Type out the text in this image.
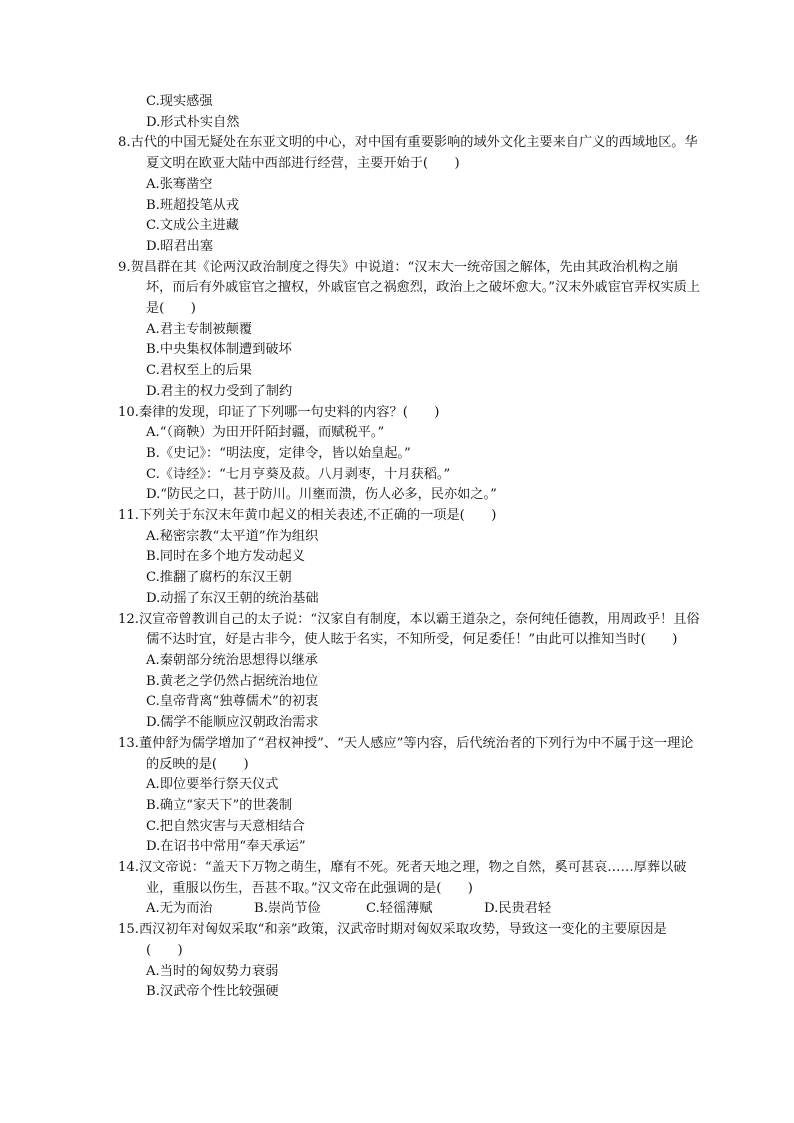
C.现实感强
D.形式朴实自然
8.古代的中国无疑处在东亚文明的中心，对中国有重要影响的域外文化主要来自广义的西域地区。华夏文明在欧亚大陆中西部进行经营，主要开始于(　　)
A.张骞凿空
B.班超投笔从戎
C.文成公主进藏
D.昭君出塞
9.贺昌群在其《论两汉政治制度之得失》中说道：“汉末大一统帝国之解体，先由其政治机构之崩坏，而后有外戚宦官之擅权，外戚宦官之祸愈烈，政治上之破坏愈大。”汉末外戚宦官弄权实质上是(　　)
A.君主专制被颠覆
B.中央集权体制遭到破坏
C.君权至上的后果
D.君主的权力受到了制约
10.秦律的发现，印证了下列哪一句史料的内容？(　　)
A.“（商鞅）为田开阡陌封疆，而赋税平。”
B.《史记》：“明法度，定律令，皆以始皇起。”
C.《诗经》：“七月亨葵及菽。八月剥枣，十月获稻。”
D.“防民之口，甚于防川。川壅而溃，伤人必多，民亦如之。”
11.下列关于东汉末年黄巾起义的相关表述,不正确的一项是(　　)
A.秘密宗教“太平道”作为组织
B.同时在多个地方发动起义
C.推翻了腐朽的东汉王朝
D.动摇了东汉王朝的统治基础
12.汉宣帝曾教训自己的太子说：“汉家自有制度，本以霸王道杂之，奈何纯任德教，用周政乎！且俗儒不达时宜，好是古非今，使人眩于名实，不知所受，何足委任！”由此可以推知当时(　　)
A.秦朝部分统治思想得以继承
B.黄老之学仍然占据统治地位
C.皇帝背离“独尊儒术”的初衷
D.儒学不能顺应汉朝政治需求
13.董仲舒为儒学增加了“君权神授”、“天人感应”等内容，后代统治者的下列行为中不属于这一理论的反映的是(　　)
A.即位要举行祭天仪式
B.确立“家天下”的世袭制
C.把自然灾害与天意相结合
D.在诏书中常用“奉天承运”
14.汉文帝说：“盖天下万物之萌生，靡有不死。死者天地之理，物之自然，奚可甚哀……厚葬以破业，重服以伤生，吾甚不取。”汉文帝在此强调的是(　　)
A.无为而治	B.崇尚节俭	C.轻徭薄赋	D.民贵君轻
15.西汉初年对匈奴采取“和亲”政策，汉武帝时期对匈奴采取攻势，导致这一变化的主要原因是(　　)
A.当时的匈奴势力衰弱
B.汉武帝个性比较强硬
